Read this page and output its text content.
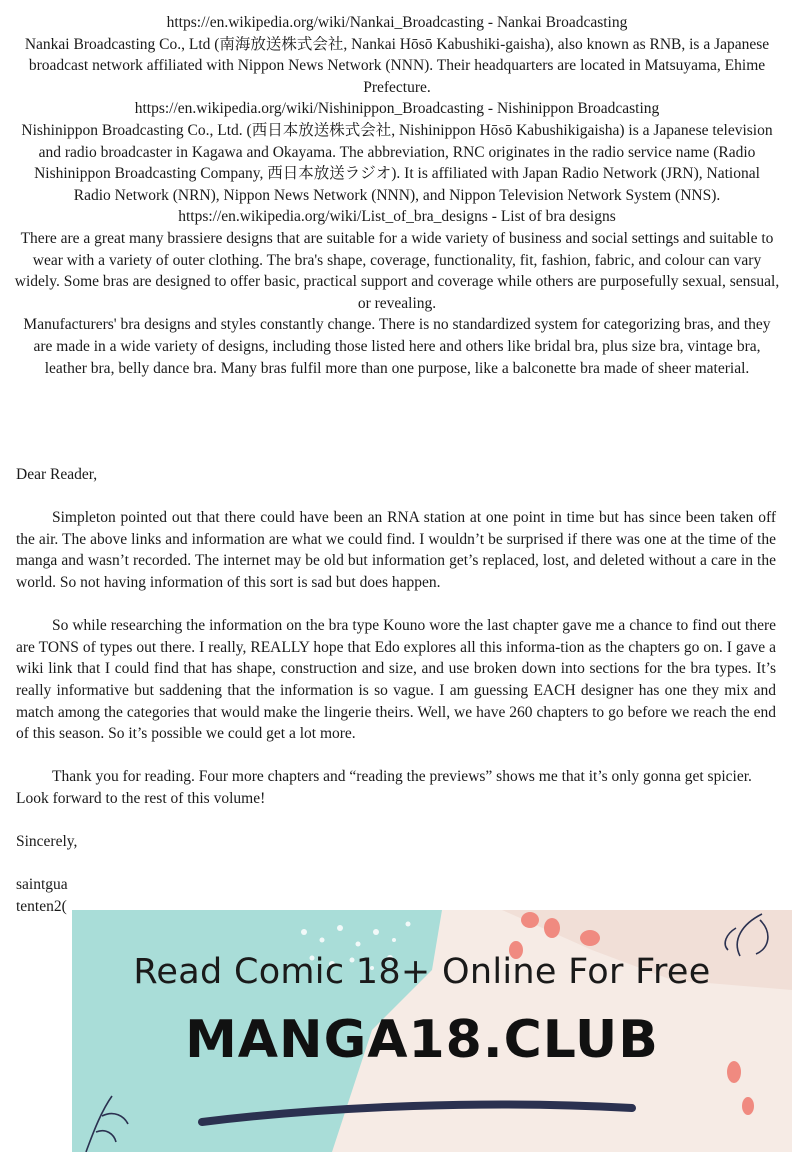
https://en.wikipedia.org/wiki/Nankai_Broadcasting - Nankai Broadcasting

Nankai Broadcasting Co., Ltd (南海放送株式会社, Nankai Hōsō Kabushiki-gaisha), also known as RNB, is a Japanese broadcast network affiliated with Nippon News Network (NNN). Their headquarters are located in Matsuyama, Ehime Prefecture.

https://en.wikipedia.org/wiki/Nishinippon_Broadcasting - Nishinippon Broadcasting

Nishinippon Broadcasting Co., Ltd. (西日本放送株式会社, Nishinippon Hōsō Kabushikigaisha) is a Japanese television and radio broadcaster in Kagawa and Okayama. The abbreviation, RNC originates in the radio service name (Radio Nishinippon Broadcasting Company, 西日本放送ラジオ). It is affiliated with Japan Radio Network (JRN), National Radio Network (NRN), Nippon News Network (NNN), and Nippon Television Network System (NNS).

https://en.wikipedia.org/wiki/List_of_bra_designs - List of bra designs

There are a great many brassiere designs that are suitable for a wide variety of business and social settings and suitable to wear with a variety of outer clothing. The bra's shape, coverage, functionality, fit, fashion, fabric, and colour can vary widely. Some bras are designed to offer basic, practical support and coverage while others are purposefully sexual, sensual, or revealing.

Manufacturers' bra designs and styles constantly change. There is no standardized system for categorizing bras, and they are made in a wide variety of designs, including those listed here and others like bridal bra, plus size bra, vintage bra, leather bra, belly dance bra. Many bras fulfil more than one purpose, like a balconette bra made of sheer material.

Dear Reader,

Simpleton pointed out that there could have been an RNA station at one point in time but has since been taken off the air. The above links and information are what we could find. I wouldn’t be surprised if there was one at the time of the manga and wasn’t recorded. The internet may be old but information get’s replaced, lost, and deleted without a care in the world. So not having information of this sort is sad but does happen.

So while researching the information on the bra type Kouno wore the last chapter gave me a chance to find out there are TONS of types out there. I really, REALLY hope that Edo explores all this informa-tion as the chapters go on. I gave a wiki link that I could find that has shape, construction and size, and use broken down into sections for the bra types. It’s really informative but saddening that the information is so vague. I am guessing EACH designer has one they mix and match among the categories that would make the lingerie theirs. Well, we have 260 chapters to go before we reach the end of this season. So it’s possible we could get a lot more.

Thank you for reading. Four more chapters and “reading the previews” shows me that it’s only gonna get spicier. Look forward to the rest of this volume!

Sincerely,

saintgua

tenten2(

Read Comic 18+ Online For Free
MANGA18.CLUB
